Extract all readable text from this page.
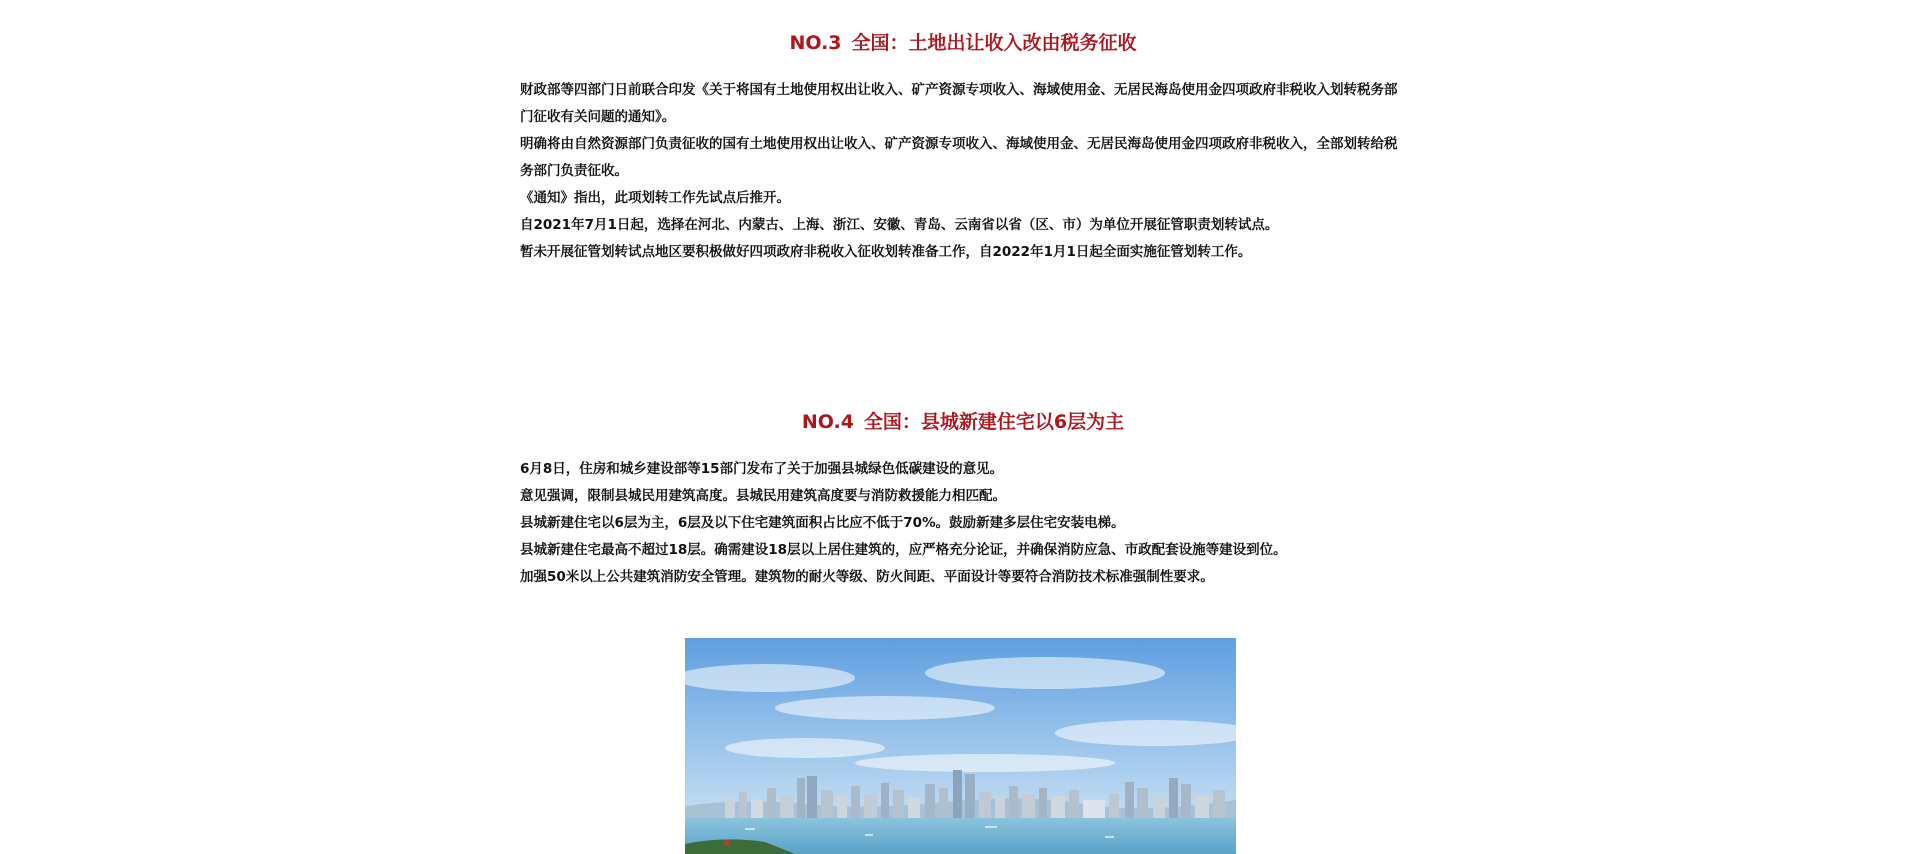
NO.3 全国：土地出让收入改由税务征收

财政部等四部门日前联合印发《关于将国有土地使用权出让收入、矿产资源专项收入、海域使用金、无居民海岛使用金四项政府非税收入划转税务部门征收有关问题的通知》。

明确将由自然资源部门负责征收的国有土地使用权出让收入、矿产资源专项收入、海域使用金、无居民海岛使用金四项政府非税收入，全部划转给税务部门负责征收。

《通知》指出，此项划转工作先试点后推开。

自2021年7月1日起，选择在河北、内蒙古、上海、浙江、安徽、青岛、云南省以省（区、市）为单位开展征管职责划转试点。

暂未开展征管划转试点地区要积极做好四项政府非税收入征收划转准备工作，自2022年1月1日起全面实施征管划转工作。

NO.4 全国：县城新建住宅以6层为主

6月8日，住房和城乡建设部等15部门发布了关于加强县城绿色低碳建设的意见。

意见强调，限制县城民用建筑高度。县城民用建筑高度要与消防救援能力相匹配。

县城新建住宅以6层为主，6层及以下住宅建筑面积占比应不低于70%。鼓励新建多层住宅安装电梯。

县城新建住宅最高不超过18层。确需建设18层以上居住建筑的，应严格充分论证，并确保消防应急、市政配套设施等建设到位。

加强50米以上公共建筑消防安全管理。建筑物的耐火等级、防火间距、平面设计等要符合消防技术标准强制性要求。
